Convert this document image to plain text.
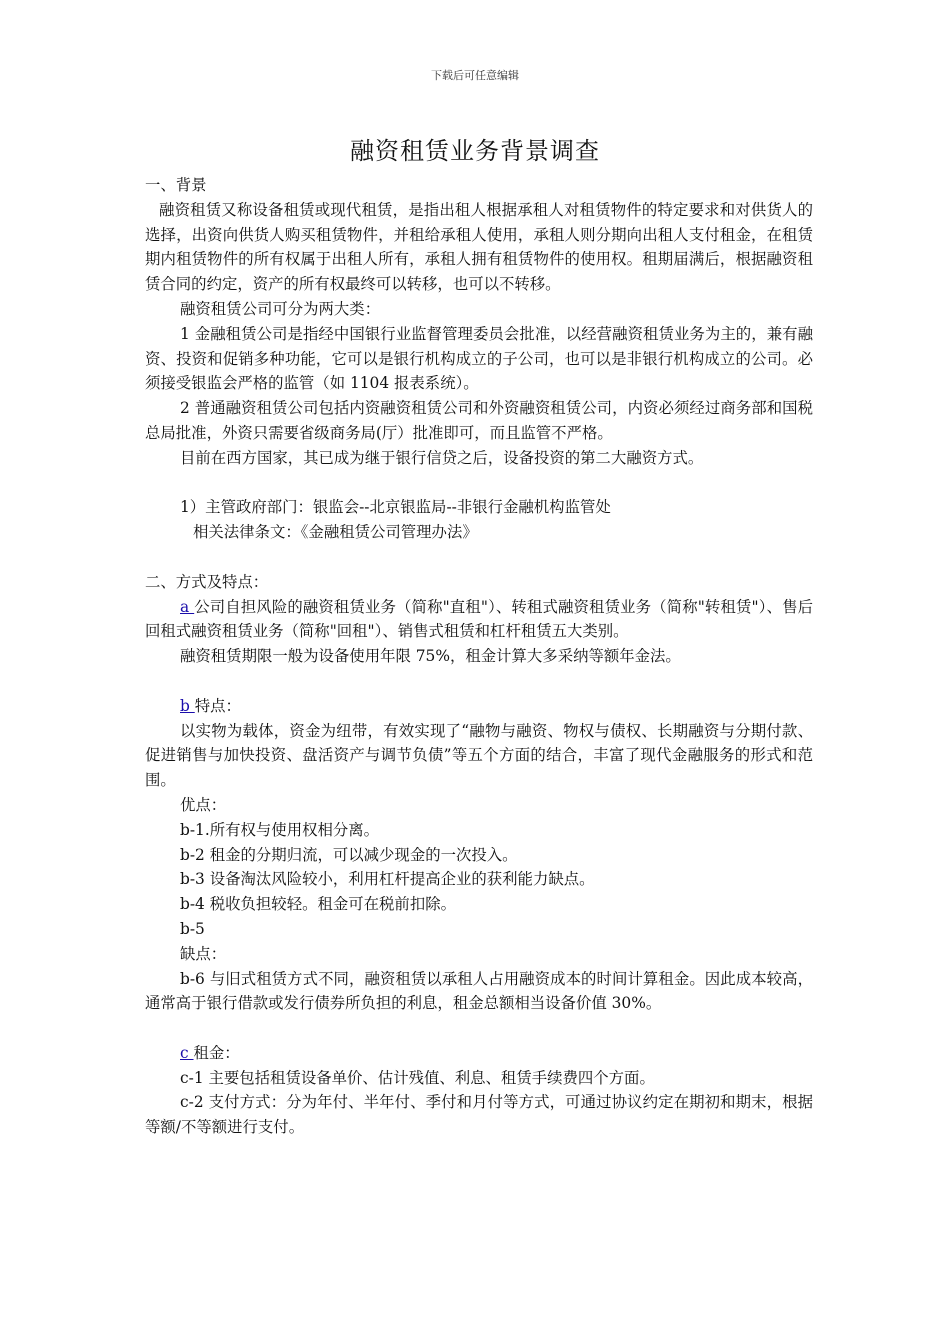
下载后可任意编辑
融资租赁业务背景调查

一、背景

融资租赁又称设备租赁或现代租赁，是指出租人根据承租人对租赁物件的特定要求和对供货人的选择，出资向供货人购买租赁物件，并租给承租人使用，承租人则分期向出租人支付租金，在租赁期内租赁物件的所有权属于出租人所有，承租人拥有租赁物件的使用权。租期届满后，根据融资租赁合同的约定，资产的所有权最终可以转移，也可以不转移。

融资租赁公司可分为两大类：

1 金融租赁公司是指经中国银行业监督管理委员会批准，以经营融资租赁业务为主的，兼有融资、投资和促销多种功能，它可以是银行机构成立的子公司，也可以是非银行机构成立的公司。必须接受银监会严格的监管（如 1104 报表系统）。

2 普通融资租赁公司包括内资融资租赁公司和外资融资租赁公司，内资必须经过商务部和国税总局批准，外资只需要省级商务局(厅）批准即可，而且监管不严格。

目前在西方国家，其已成为继于银行信贷之后，设备投资的第二大融资方式。

1）主管政府部门：银监会--北京银监局--非银行金融机构监管处

相关法律条文：《金融租赁公司管理办法》

二、方式及特点：

a 公司自担风险的融资租赁业务（简称"直租"）、转租式融资租赁业务（简称"转租赁"）、售后回租式融资租赁业务（简称"回租"）、销售式租赁和杠杆租赁五大类别。

融资租赁期限一般为设备使用年限 75%，租金计算大多采纳等额年金法。

b 特点：

以实物为载体，资金为纽带，有效实现了“融物与融资、物权与债权、长期融资与分期付款、促进销售与加快投资、盘活资产与调节负债”等五个方面的结合，丰富了现代金融服务的形式和范围。

优点：

b-1.所有权与使用权相分离。

b-2 租金的分期归流，可以减少现金的一次投入。

b-3 设备淘汰风险较小，利用杠杆提高企业的获利能力缺点。

b-4 税收负担较轻。租金可在税前扣除。

b-5

缺点：

b-6 与旧式租赁方式不同，融资租赁以承租人占用融资成本的时间计算租金。因此成本较高，通常高于银行借款或发行债券所负担的利息，租金总额相当设备价值 30%。

c 租金：

c-1 主要包括租赁设备单价、估计残值、利息、租赁手续费四个方面。

c-2 支付方式：分为年付、半年付、季付和月付等方式，可通过协议约定在期初和期末，根据等额/不等额进行支付。
